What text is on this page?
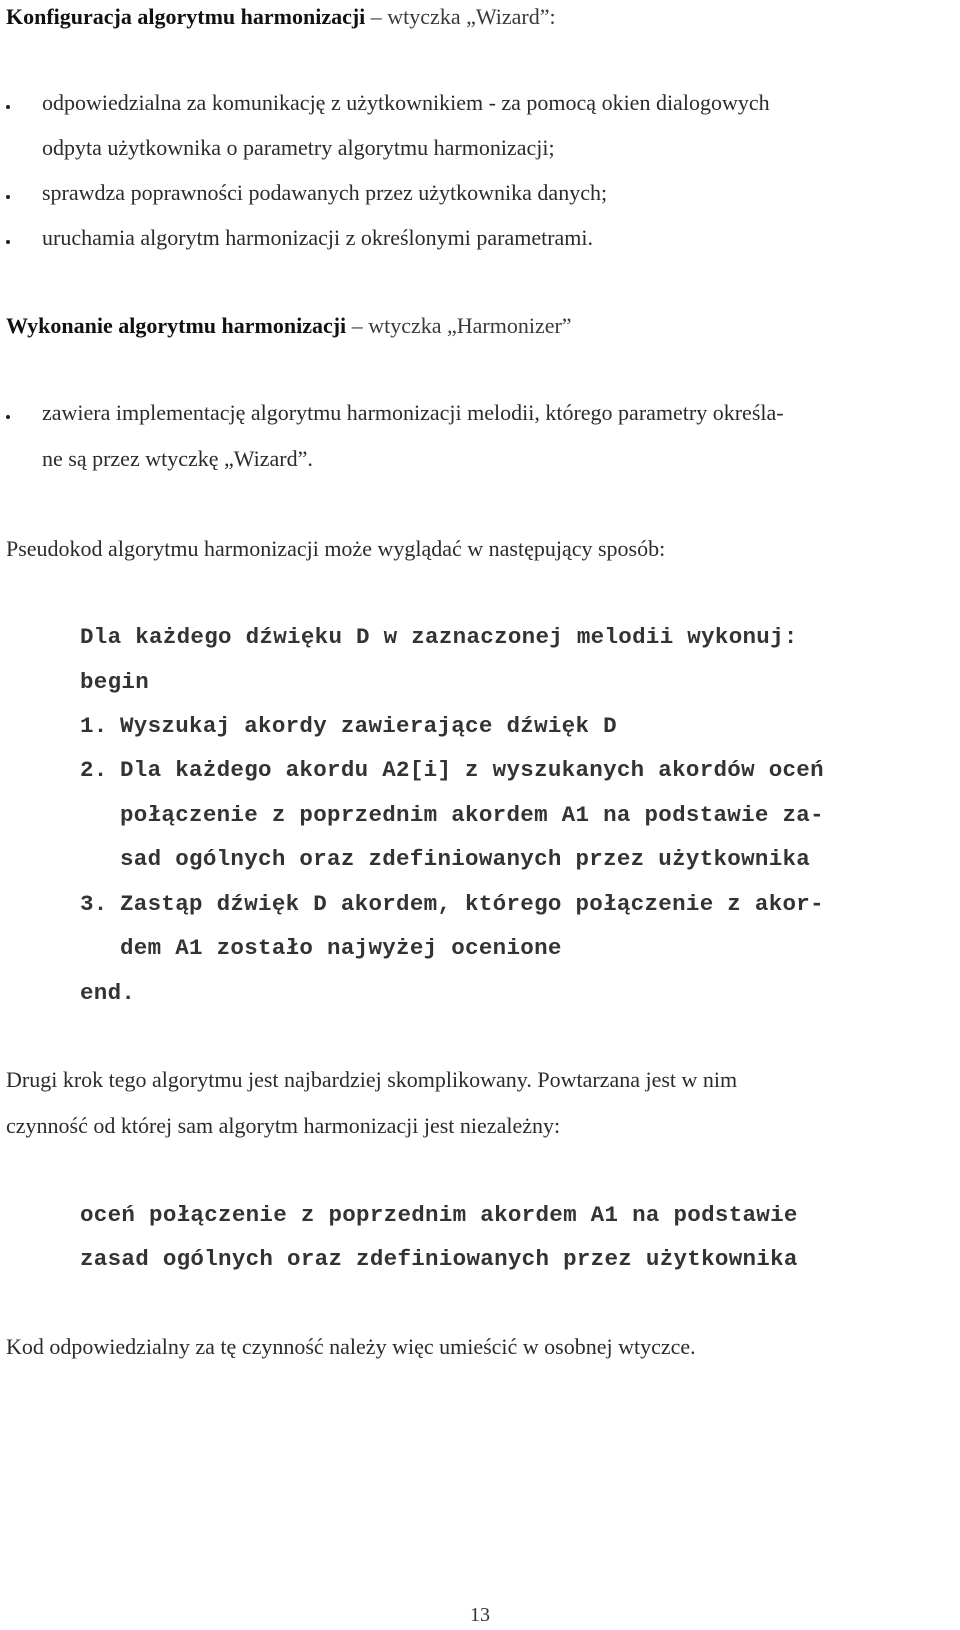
Konfiguracja algorytmu harmonizacji – wtyczka „Wizard”:
odpowiedzialna za komunikację z użytkownikiem - za pomocą okien dialogowych
odpyta użytkownika o parametry algorytmu harmonizacji;
sprawdza poprawności podawanych przez użytkownika danych;
uruchamia algorytm harmonizacji z określonymi parametrami.
Wykonanie algorytmu harmonizacji – wtyczka „Harmonizer”
zawiera implementację algorytmu harmonizacji melodii, którego parametry określa-
ne są przez wtyczkę „Wizard”.
Pseudokod algorytmu harmonizacji może wyglądać w następujący sposób:
Dla każdego dźwięku D w zaznaczonej melodii wykonuj:
begin
1. Wyszukaj akordy zawierające dźwięk D
2. Dla każdego akordu A2[i] z wyszukanych akordów oceń
połączenie z poprzednim akordem A1 na podstawie za-
sad ogólnych oraz zdefiniowanych przez użytkownika
3. Zastąp dźwięk D akordem, którego połączenie z akor-
dem A1 zostało najwyżej ocenione
end.
Drugi krok tego algorytmu jest najbardziej skomplikowany. Powtarzana jest w nim
czynność od której sam algorytm harmonizacji jest niezależny:
oceń połączenie z poprzednim akordem A1 na podstawie
zasad ogólnych oraz zdefiniowanych przez użytkownika
Kod odpowiedzialny za tę czynność należy więc umieścić w osobnej wtyczce.
13
